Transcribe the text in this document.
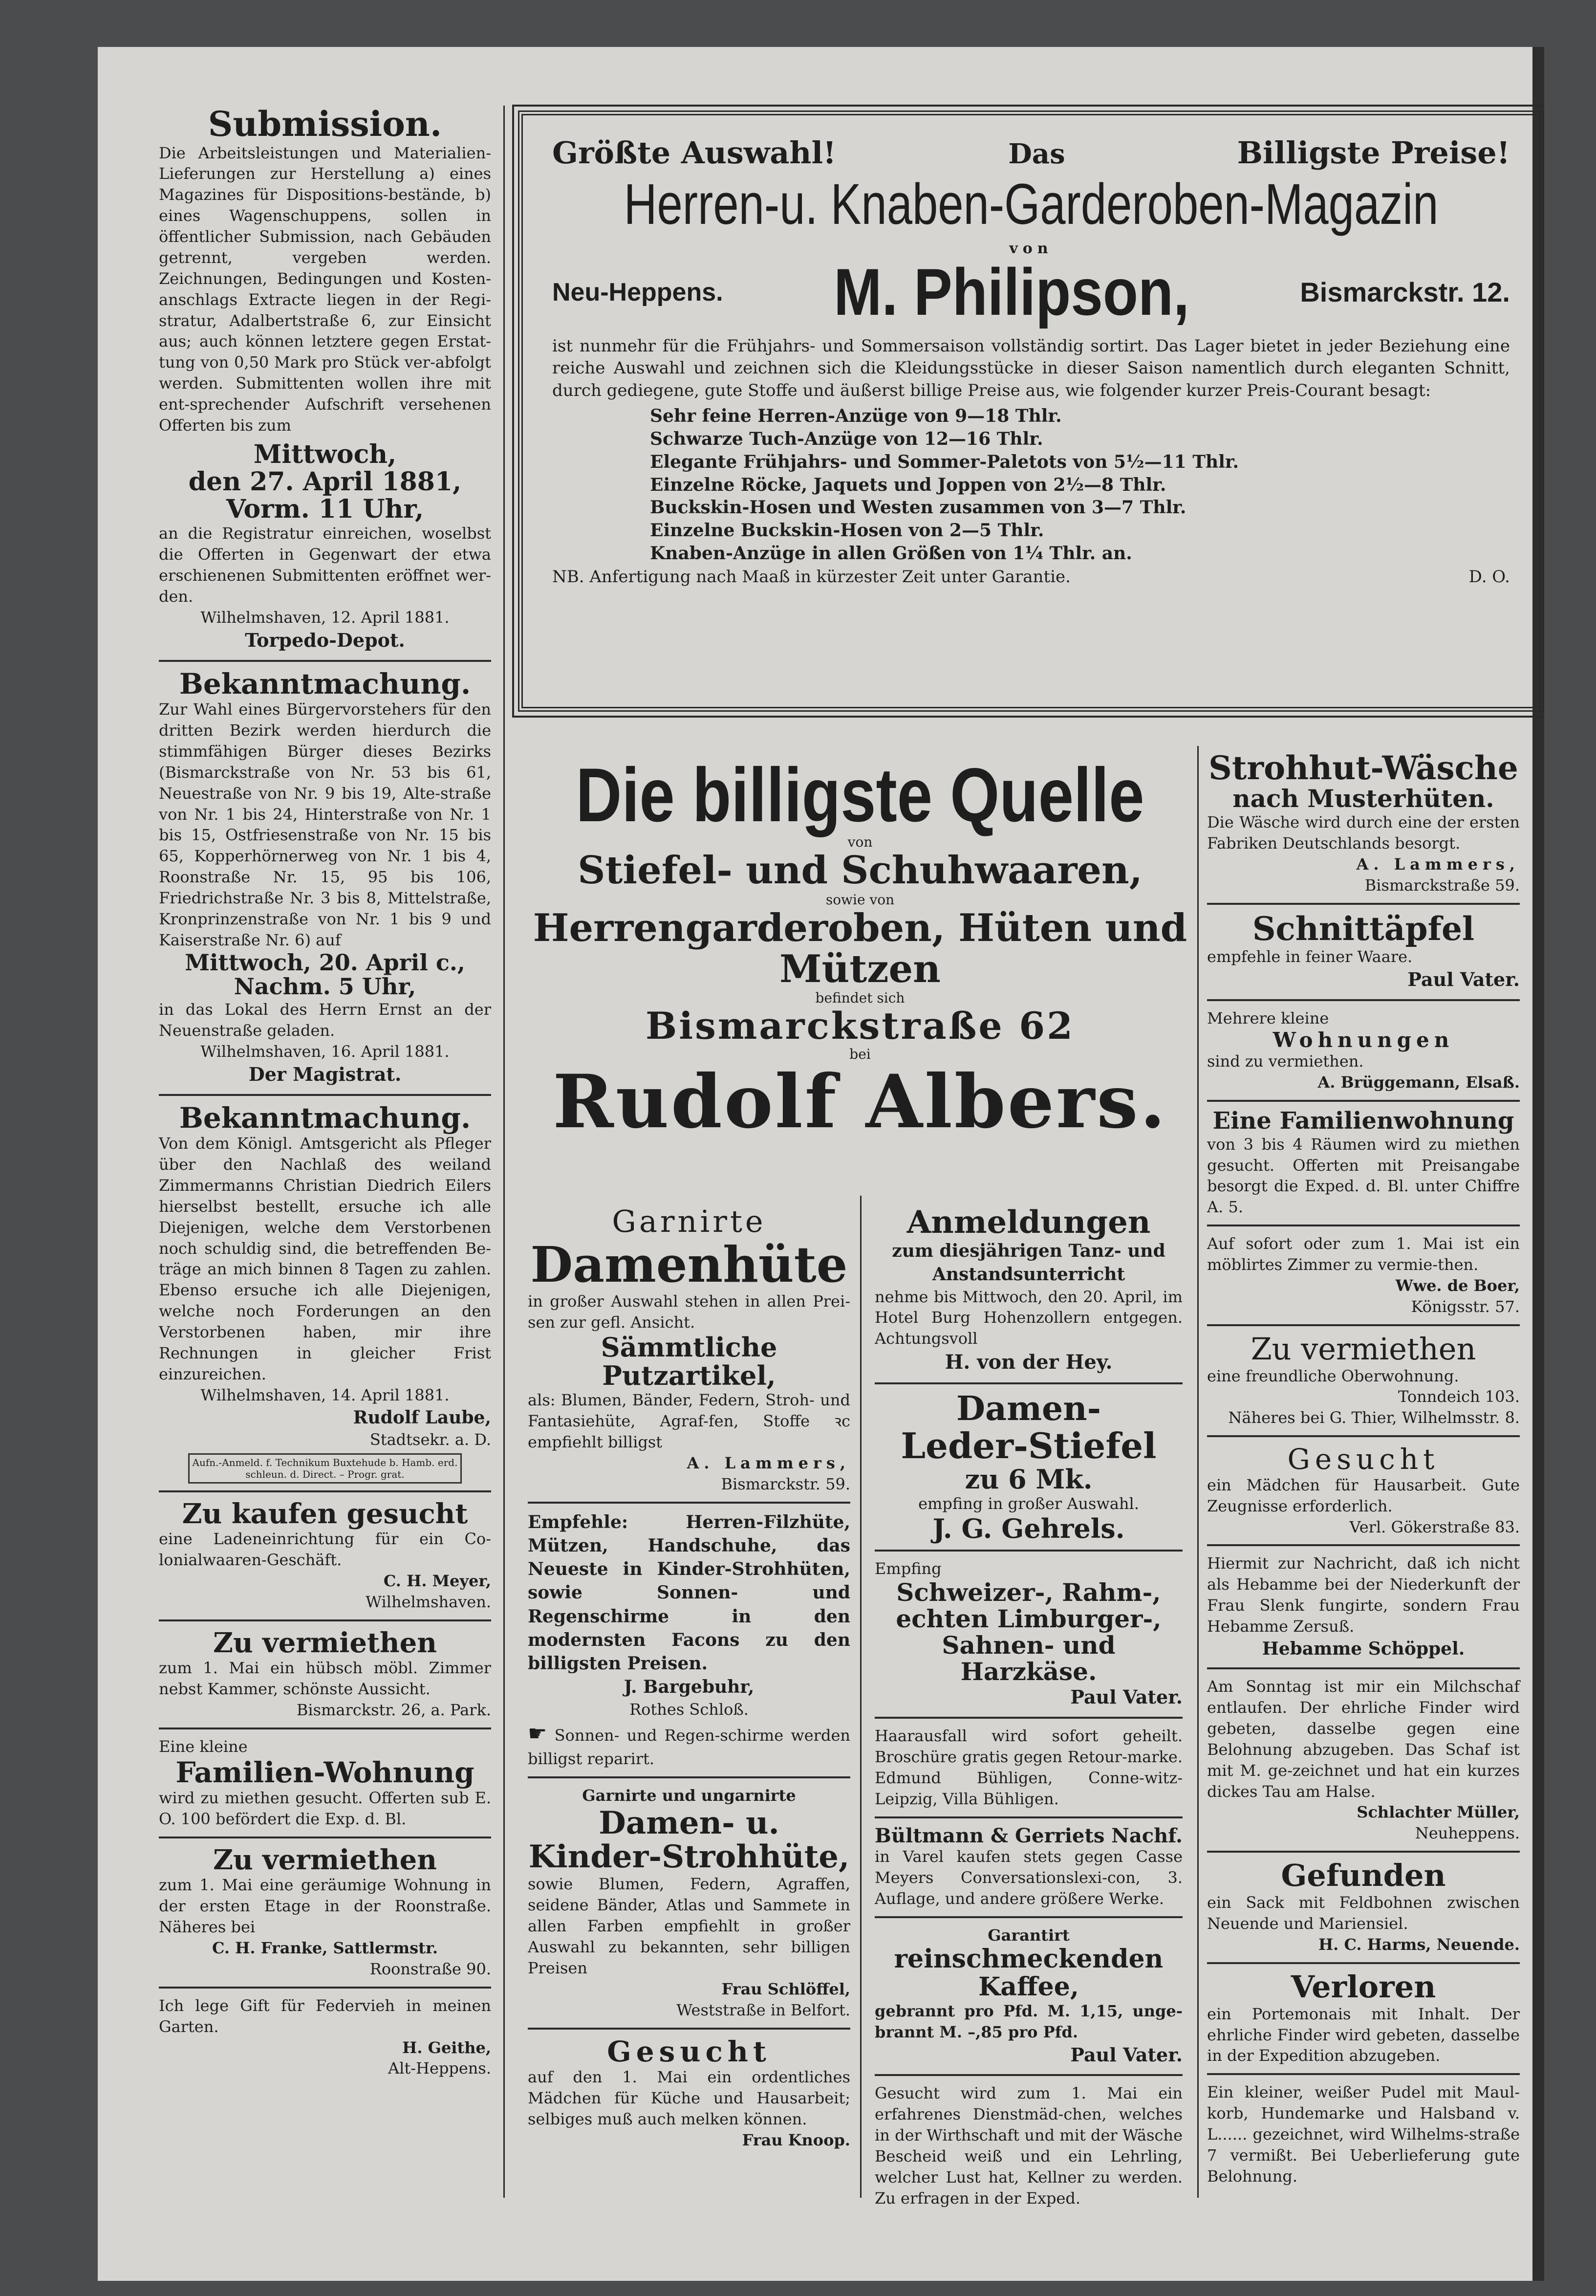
Submission.
Die Arbeitsleistungen und Materialien-Lieferungen zur Herstellung a) eines Magazines für Dispositions-bestände, b) eines Wagenschuppens, sollen in öffentlicher Submission, nach Gebäuden getrennt, vergeben werden. Zeichnungen, Bedingungen und Kosten-anschlags Extracte liegen in der Regi-stratur, Adalbertstraße 6, zur Einsicht aus; auch können letztere gegen Erstat-tung von 0,50 Mark pro Stück ver-abfolgt werden. Submittenten wollen ihre mit ent-sprechender Aufschrift versehenen Offerten bis zum
Mittwoch,
den 27. April 1881,
Vorm. 11 Uhr,
an die Registratur einreichen, woselbst die Offerten in Gegenwart der etwa erschienenen Submittenten eröffnet wer-den.
Wilhelmshaven, 12. April 1881.
Torpedo-Depot.
Bekanntmachung.
Zur Wahl eines Bürgervorstehers für den dritten Bezirk werden hierdurch die stimmfähigen Bürger dieses Bezirks (Bismarckstraße von Nr. 53 bis 61, Neuestraße von Nr. 9 bis 19, Alte-straße von Nr. 1 bis 24, Hinterstraße von Nr. 1 bis 15, Ostfriesenstraße von Nr. 15 bis 65, Kopperhörnerweg von Nr. 1 bis 4, Roonstraße Nr. 15, 95 bis 106, Friedrichstraße Nr. 3 bis 8, Mittelstraße, Kronprinzenstraße von Nr. 1 bis 9 und Kaiserstraße Nr. 6) auf
Mittwoch, 20. April c.,
Nachm. 5 Uhr,
in das Lokal des Herrn Ernst an der Neuenstraße geladen.
Wilhelmshaven, 16. April 1881.
Der Magistrat.
Bekanntmachung.
Von dem Königl. Amtsgericht als Pfleger über den Nachlaß des weiland Zimmermanns Christian Diedrich Eilers hierselbst bestellt, ersuche ich alle Diejenigen, welche dem Verstorbenen noch schuldig sind, die betreffenden Be-träge an mich binnen 8 Tagen zu zahlen. Ebenso ersuche ich alle Diejenigen, welche noch Forderungen an den Verstorbenen haben, mir ihre Rechnungen in gleicher Frist einzureichen.
Wilhelmshaven, 14. April 1881.
Rudolf Laube,
Stadtsekr. a. D.
Aufn.-Anmeld. f. Technikum Buxtehude b. Hamb. erd. schleun. d. Direct. – Progr. grat.
Zu kaufen gesucht
eine Ladeneinrichtung für ein Co-lonialwaaren-Geschäft.
C. H. Meyer,
Wilhelmshaven.
Zu vermiethen
zum 1. Mai ein hübsch möbl. Zimmer nebst Kammer, schönste Aussicht.
Bismarckstr. 26, a. Park.
Eine kleine
Familien-Wohnung
wird zu miethen gesucht. Offerten sub E. O. 100 befördert die Exp. d. Bl.
Zu vermiethen
zum 1. Mai eine geräumige Wohnung in der ersten Etage in der Roonstraße. Näheres bei
C. H. Franke, Sattlermstr.
Roonstraße 90.
Ich lege Gift für Federvieh in meinen Garten.
H. Geithe,
Alt-Heppens.
Größte Auswahl!	Das	Billigste Preise!
Herren-u. Knaben-Garderoben-Magazin
von
Neu-Heppens. M. Philipson,	Bismarckstr. 12.
ist nunmehr für die Frühjahrs- und Sommersaison vollständig sortirt. Das Lager bietet in jeder Beziehung eine reiche Auswahl und zeichnen sich die Kleidungsstücke in dieser Saison namentlich durch eleganten Schnitt, durch gediegene, gute Stoffe und äußerst billige Preise aus, wie folgender kurzer Preis-Courant besagt:
Sehr feine Herren-Anzüge von 9—18 Thlr.
Schwarze Tuch-Anzüge von 12—16 Thlr.
Elegante Frühjahrs- und Sommer-Paletots von 5½—11 Thlr.
Einzelne Röcke, Jaquets und Joppen von 2½—8 Thlr.
Buckskin-Hosen und Westen zusammen von 3—7 Thlr.
Einzelne Buckskin-Hosen von 2—5 Thlr.
Knaben-Anzüge in allen Größen von 1¼ Thlr. an.
NB. Anfertigung nach Maaß in kürzester Zeit unter Garantie.	D. O.
Die billigste Quelle
von
Stiefel- und Schuhwaaren,
sowie von
Herrengarderoben, Hüten und Mützen
befindet sich
Bismarckstraße 62
bei
Rudolf Albers.
Garnirte
Damenhüte
in großer Auswahl stehen in allen Prei-sen zur gefl. Ansicht.
Sämmtliche Putzartikel,
als: Blumen, Bänder, Federn, Stroh- und Fantasiehüte, Agraf-fen, Stoffe ꝛc empfiehlt billigst
A. Lammers,
Bismarckstr. 59.
Empfehle: Herren-Filzhüte, Mützen, Handschuhe, das Neueste in Kinder-Strohhüten, sowie Sonnen- und Regenschirme in den modernsten Facons zu den billigsten Preisen.
J. Bargebuhr,
Rothes Schloß.
☛ Sonnen- und Regen-schirme werden billigst reparirt.
Garnirte und ungarnirte
Damen- u. Kinder-Strohhüte,
sowie Blumen, Federn, Agraffen, seidene Bänder, Atlas und Sammete in allen Farben empfiehlt in großer Auswahl zu bekannten, sehr billigen Preisen
Frau Schlöffel,
Weststraße in Belfort.
Gesucht
auf den 1. Mai ein ordentliches Mädchen für Küche und Hausarbeit; selbiges muß auch melken können.
Frau Knoop.
Anmeldungen
zum diesjährigen Tanz- und Anstandsunterricht
nehme bis Mittwoch, den 20. April, im Hotel Burg Hohenzollern entgegen. Achtungsvoll
H. von der Hey.
Damen-
Leder-Stiefel
zu 6 Mk.
empfing in großer Auswahl.
J. G. Gehrels.
Empfing
Schweizer-, Rahm-, echten Limburger-, Sahnen- und Harzkäse.
Paul Vater.
Haarausfall wird sofort geheilt. Broschüre gratis gegen Retour-marke. Edmund Bühligen, Conne-witz-Leipzig, Villa Bühligen.
Bültmann & Gerriets Nachf.
in Varel kaufen stets gegen Casse Meyers Conversationslexi-con, 3. Auflage, und andere größere Werke.
Garantirt
reinschmeckenden Kaffee,
gebrannt pro Pfd. M. 1,15, unge-brannt M. –,85 pro Pfd.
Paul Vater.
Gesucht wird zum 1. Mai ein erfahrenes Dienstmäd-chen, welches in der Wirthschaft und mit der Wäsche Bescheid weiß und ein Lehrling, welcher Lust hat, Kellner zu werden. Zu erfragen in der Exped.
Strohhut-Wäsche
nach Musterhüten.
Die Wäsche wird durch eine der ersten Fabriken Deutschlands besorgt.
A. Lammers,
Bismarckstraße 59.
Schnittäpfel
empfehle in feiner Waare.
Paul Vater.
Mehrere kleine
Wohnungen
sind zu vermiethen.
A. Brüggemann, Elsaß.
Eine Familienwohnung
von 3 bis 4 Räumen wird zu miethen gesucht. Offerten mit Preisangabe besorgt die Exped. d. Bl. unter Chiffre A. 5.
Auf sofort oder zum 1. Mai ist ein möblirtes Zimmer zu vermie-then.
Wwe. de Boer,
Königsstr. 57.
Zu vermiethen
eine freundliche Oberwohnung.
Tonndeich 103.
Näheres bei G. Thier, Wilhelmsstr. 8.
Gesucht
ein Mädchen für Hausarbeit. Gute Zeugnisse erforderlich.
Verl. Gökerstraße 83.
Hiermit zur Nachricht, daß ich nicht als Hebamme bei der Niederkunft der Frau Slenk fungirte, sondern Frau Hebamme Zersuß.
Hebamme Schöppel.
Am Sonntag ist mir ein Milchschaf entlaufen. Der ehrliche Finder wird gebeten, dasselbe gegen eine Belohnung abzugeben. Das Schaf ist mit M. ge-zeichnet und hat ein kurzes dickes Tau am Halse.
Schlachter Müller,
Neuheppens.
Gefunden
ein Sack mit Feldbohnen zwischen Neuende und Mariensiel.
H. C. Harms, Neuende.
Verloren
ein Portemonais mit Inhalt. Der ehrliche Finder wird gebeten, dasselbe in der Expedition abzugeben.
Ein kleiner, weißer Pudel mit Maul-korb, Hundemarke und Halsband v. L...... gezeichnet, wird Wilhelms-straße 7 vermißt. Bei Ueberlieferung gute Belohnung.
